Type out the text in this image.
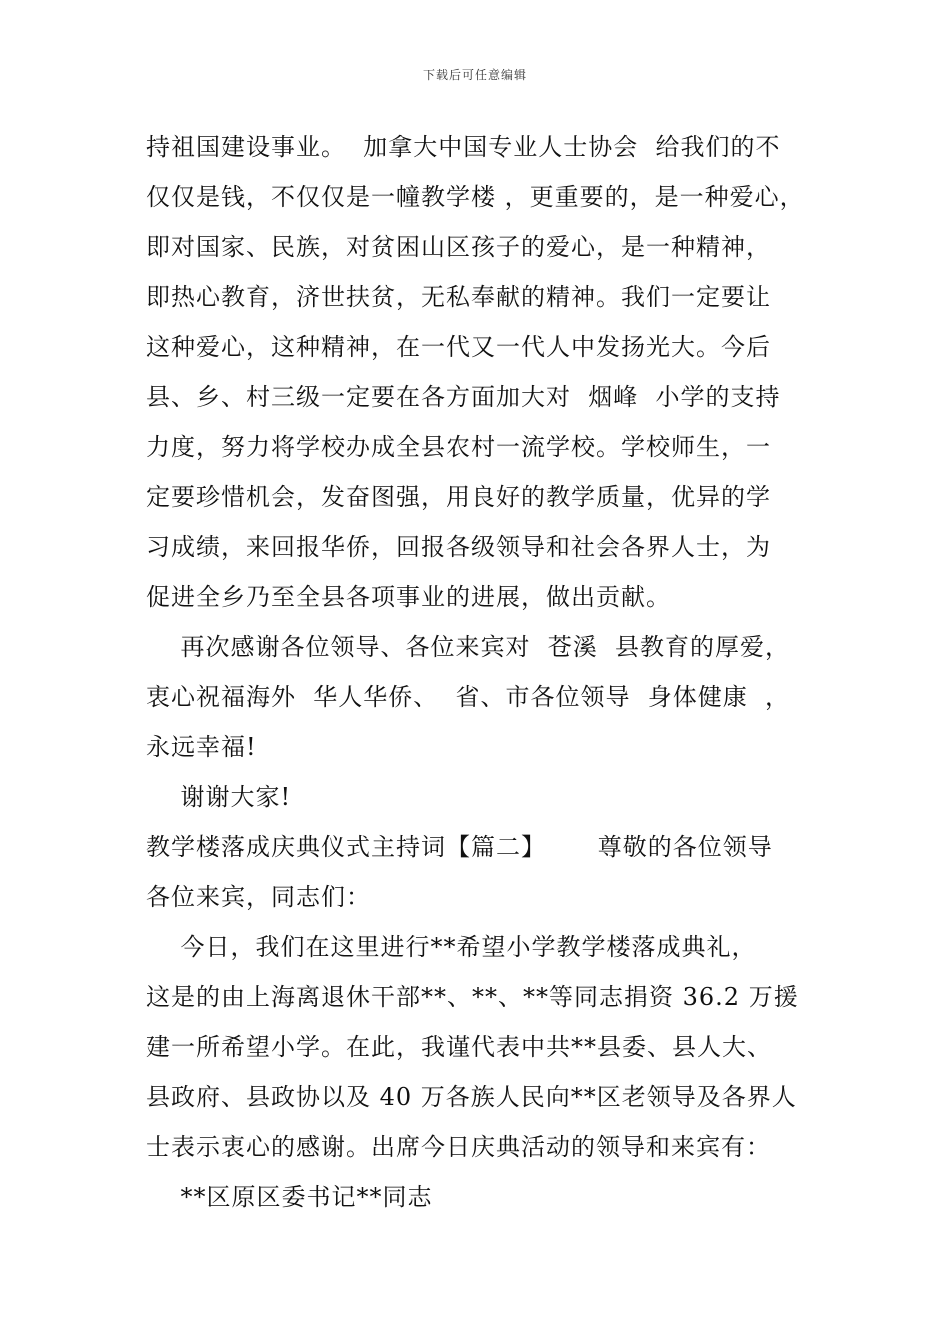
下载后可任意编辑
持祖国建设事业。  加拿大中国专业人士协会  给我们的不
仅仅是钱，不仅仅是一幢教学楼 ，更重要的，是一种爱心，
即对国家、民族，对贫困山区孩子的爱心，是一种精神，
即热心教育，济世扶贫，无私奉献的精神。我们一定要让
这种爱心，这种精神，在一代又一代人中发扬光大。今后
县、乡、村三级一定要在各方面加大对  烟峰  小学的支持
力度，努力将学校办成全县农村一流学校。学校师生，一
定要珍惜机会，发奋图强，用良好的教学质量，优异的学
习成绩，来回报华侨，回报各级领导和社会各界人士，为
促进全乡乃至全县各项事业的进展，做出贡献。
再次感谢各位领导、各位来宾对  苍溪  县教育的厚爱，
衷心祝福海外  华人华侨、  省、市各位领导  身体健康  ，
永远幸福!
谢谢大家!
教学楼落成庆典仪式主持词【篇二】      尊敬的各位领导
各位来宾，同志们：
今日，我们在这里进行**希望小学教学楼落成典礼，
这是的由上海离退休干部**、**、**等同志捐资 36.2 万援
建一所希望小学。在此，我谨代表中共**县委、县人大、
县政府、县政协以及 40 万各族人民向**区老领导及各界人
士表示衷心的感谢。出席今日庆典活动的领导和来宾有：
**区原区委书记**同志
